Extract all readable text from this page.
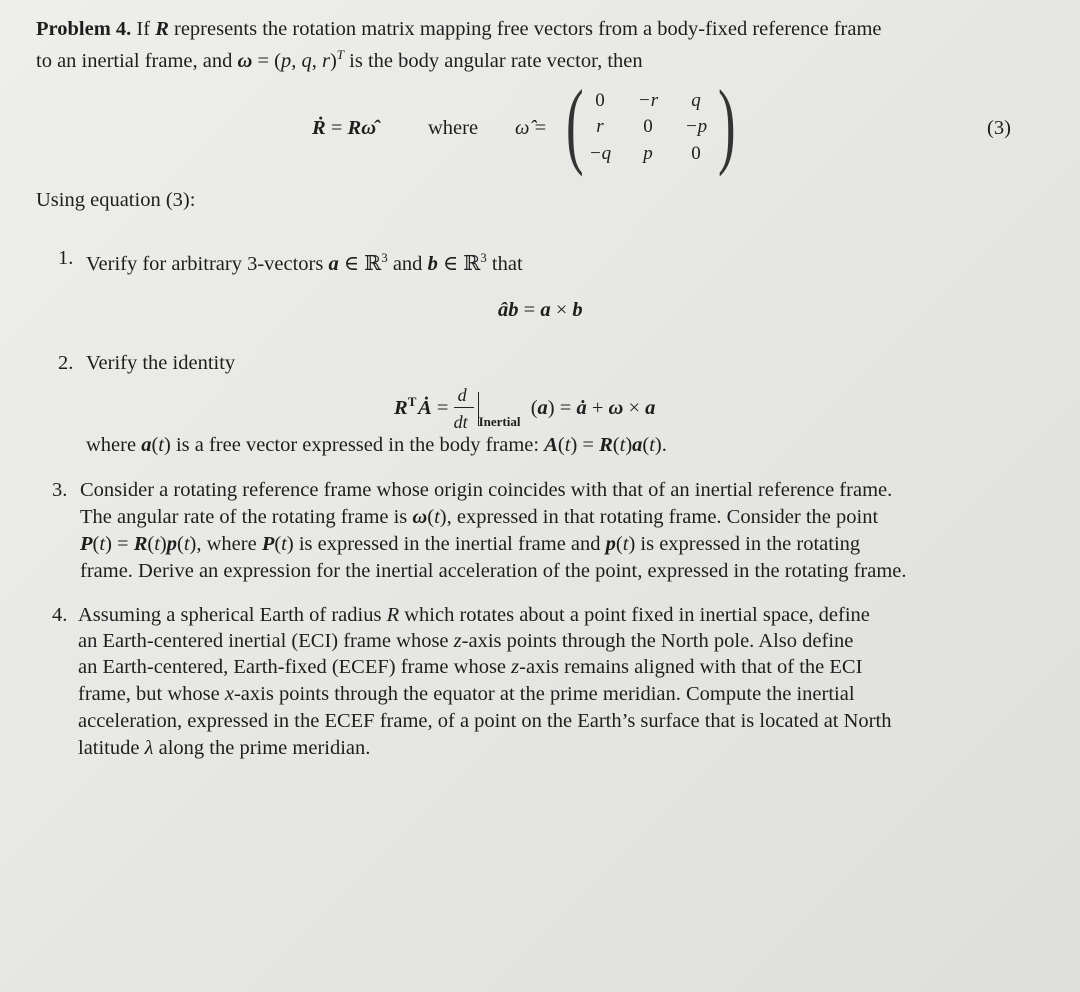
Problem 4. If R represents the rotation matrix mapping free vectors from a body-fixed reference frame
to an inertial frame, and ω = (p, q, r)$^T$ is the body angular rate vector, then
Ṙ = Rω̂	where ω̂ = ( )
0	−r	q
r	0	−p
−q	p	0
(3)
Using equation (3):
1. Verify for arbitrary 3-vectors a ∈ ℝ$^3$ and b ∈ ℝ$^3$ that
âb = a × b
2. Verify the identity
$R^T$ Ȧ = $\frac{d}{dt} _{Inertial}$  (a) = ȧ + ω × a
where a(t) is a free vector expressed in the body frame: A(t) = R(t)a(t).
3. Consider a rotating reference frame whose origin coincides with that of an inertial reference frame.
The angular rate of the rotating frame is ω(t), expressed in that rotating frame. Consider the point
P(t) = R(t)p(t), where P(t) is expressed in the inertial frame and p(t) is expressed in the rotating
frame. Derive an expression for the inertial acceleration of the point, expressed in the rotating frame.
4. Assuming a spherical Earth of radius R which rotates about a point fixed in inertial space, define
an Earth-centered inertial (ECI) frame whose z-axis points through the North pole. Also define
an Earth-centered, Earth-fixed (ECEF) frame whose z-axis remains aligned with that of the ECI
frame, but whose x-axis points through the equator at the prime meridian. Compute the inertial
acceleration, expressed in the ECEF frame, of a point on the Earth’s surface that is located at North
latitude λ along the prime meridian.
